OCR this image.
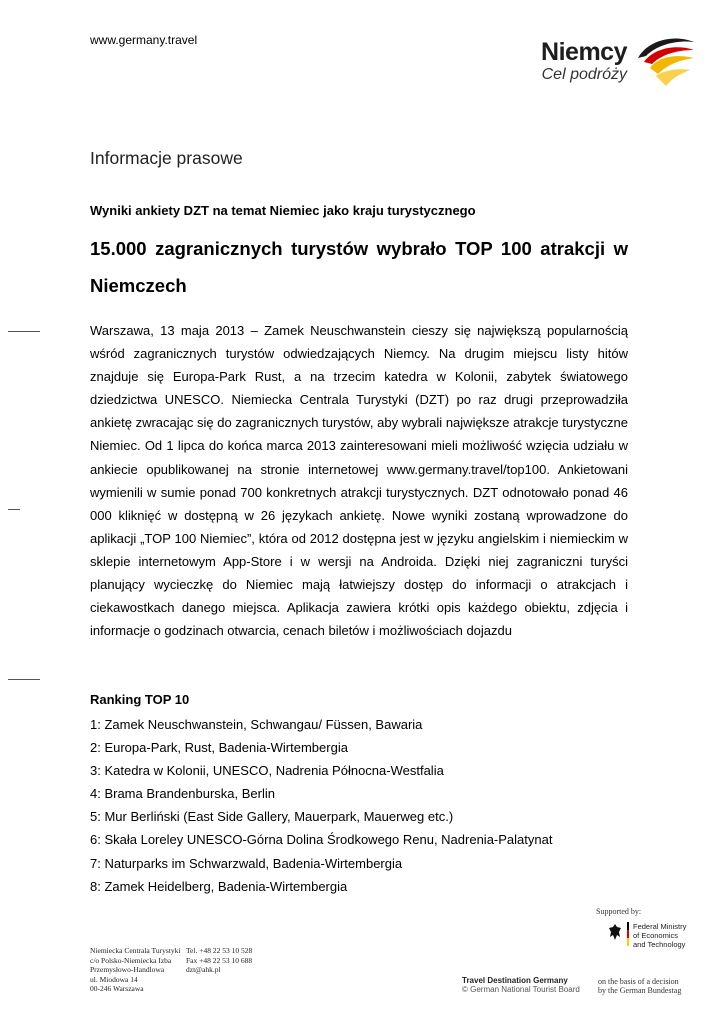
www.germany.travel	Niemcy
Cel podróży
Informacje prasowe
Wyniki ankiety DZT na temat Niemiec jako kraju turystycznego
15.000 zagranicznych turystów wybrało TOP 100 atrakcji w Niemczech
Warszawa, 13 maja 2013 – Zamek Neuschwanstein cieszy się największą popularnością wśród zagranicznych turystów odwiedzających Niemcy. Na drugim miejscu listy hitów znajduje się Europa-Park Rust, a na trzecim katedra w Kolonii, zabytek światowego dziedzictwa UNESCO. Niemiecka Centrala Turystyki (DZT) po raz drugi przeprowadziła ankietę zwracając się do zagranicznych turystów, aby wybrali największe atrakcje turystyczne Niemiec. Od 1 lipca do końca marca 2013 zainteresowani mieli możliwość wzięcia udziału w ankiecie opublikowanej na stronie internetowej www.germany.travel/top100. Ankietowani wymienili w sumie ponad 700 konkretnych atrakcji turystycznych. DZT odnotowało ponad 46 000 kliknięć w dostępną w 26 językach ankietę. Nowe wyniki zostaną wprowadzone do aplikacji „TOP 100 Niemiec”, która od 2012 dostępna jest w języku angielskim i niemieckim w sklepie internetowym App-Store i w wersji na Androida. Dzięki niej zagraniczni turyści planujący wycieczkę do Niemiec mają łatwiejszy dostęp do informacji o atrakcjach i ciekawostkach danego miejsca. Aplikacja zawiera krótki opis każdego obiektu, zdjęcia i informacje o godzinach otwarcia, cenach biletów i możliwościach dojazdu
Ranking TOP 10
1: Zamek Neuschwanstein, Schwangau/ Füssen, Bawaria
2: Europa-Park, Rust, Badenia-Wirtembergia
3: Katedra w Kolonii, UNESCO, Nadrenia Północna-Westfalia
4: Brama Brandenburska, Berlin
5: Mur Berliński (East Side Gallery, Mauerpark, Mauerweg etc.)
6: Skała Loreley UNESCO-Górna Dolina Środkowego Renu, Nadrenia-Palatynat
7: Naturparks im Schwarzwald, Badenia-Wirtembergia
8: Zamek Heidelberg, Badenia-Wirtembergia
Supported by:
Federal Ministry
of Economics
and Technology
Niemiecka Centrala Turystyki
c/o Polsko-Niemiecka Izba
Przemysłowo-Handlowa
ul. Miodowa 14
00-246 Warszawa
Tel. +48 22 53 10 528
Fax +48 22 53 10 688
dzt@ahk.pl
Travel Destination Germany
© German National Tourist Board
on the basis of a decision
by the German Bundestag
